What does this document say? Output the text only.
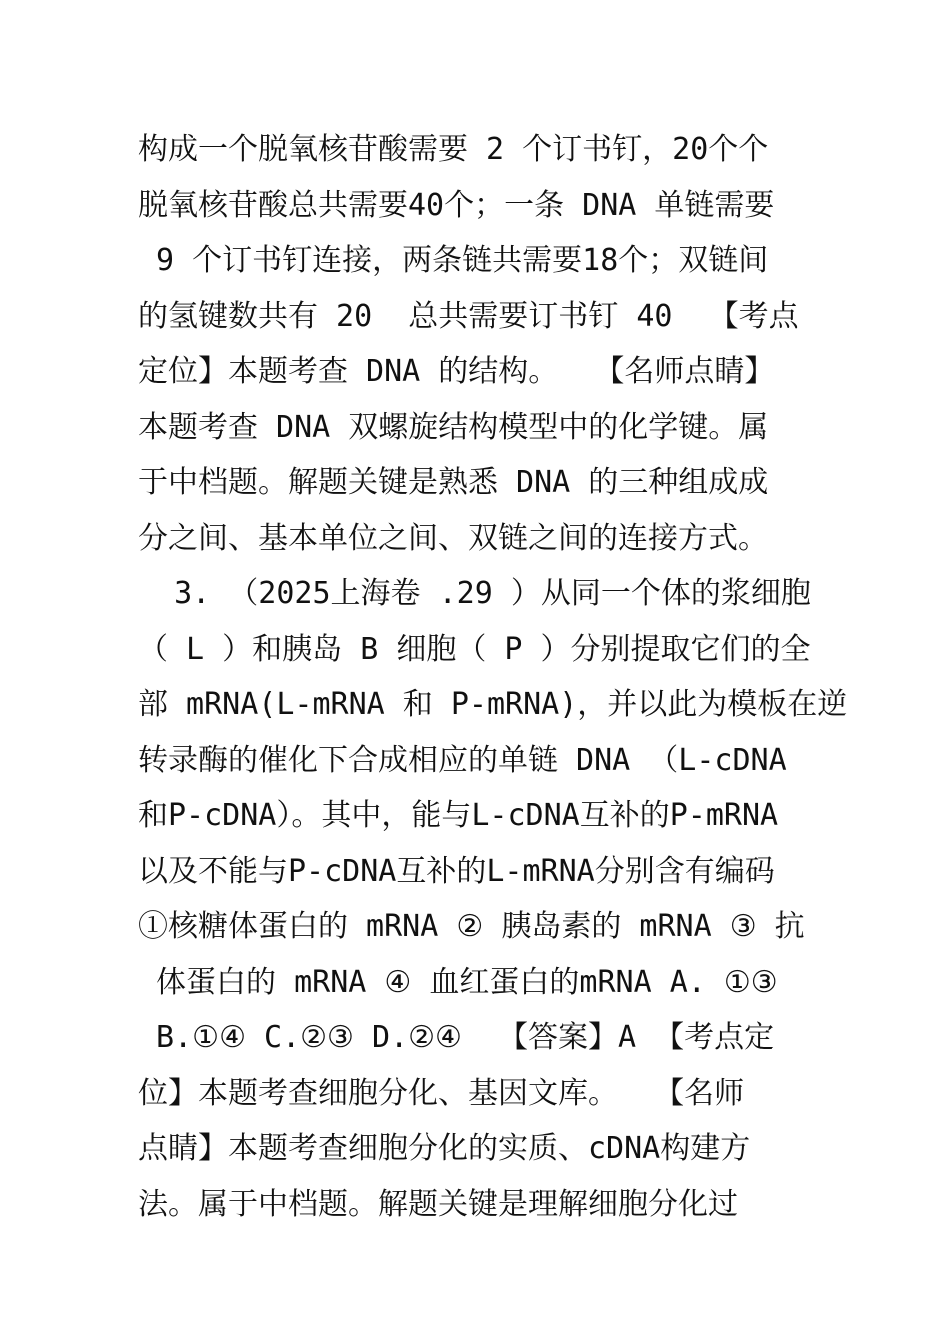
构成一个脱氧核苷酸需要 2 个订书钉，20个个
脱氧核苷酸总共需要40个；一条 DNA 单链需要
9 个订书钉连接，两条链共需要18个；双链间
的氢键数共有 20  总共需要订书钉 40  【考点
定位】本题考查 DNA 的结构。  【名师点睛】
本题考查 DNA 双螺旋结构模型中的化学键。属
于中档题。解题关键是熟悉 DNA 的三种组成成
分之间、基本单位之间、双链之间的连接方式。
3. （2025上海卷 .29 ）从同一个体的浆细胞
（ L ）和胰岛 B 细胞（ P ）分别提取它们的全
部 mRNA(L-mRNA 和 P-mRNA)，并以此为模板在逆
转录酶的催化下合成相应的单链 DNA （L-cDNA
和P-cDNA）。其中，能与L-cDNA互补的P-mRNA
以及不能与P-cDNA互补的L-mRNA分别含有编码
①核糖体蛋白的 mRNA ② 胰岛素的 mRNA ③ 抗
体蛋白的 mRNA ④ 血红蛋白的mRNA A. ①③
B.①④ C.②③ D.②④  【答案】A 【考点定
位】本题考查细胞分化、基因文库。  【名师
点睛】本题考查细胞分化的实质、cDNA构建方
法。属于中档题。解题关键是理解细胞分化过
